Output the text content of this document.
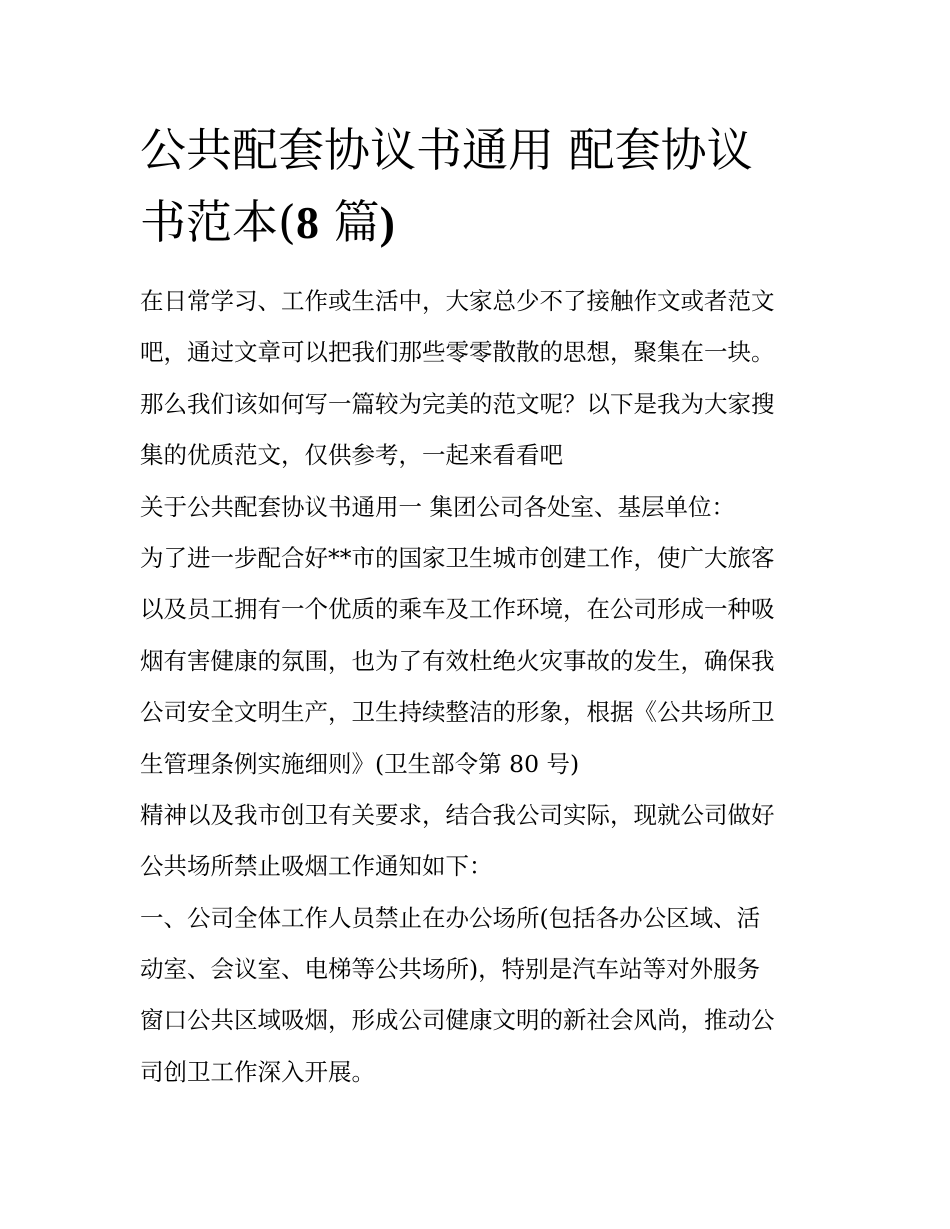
公共配套协议书通用 配套协议
书范本(8 篇)
在日常学习、工作或生活中，大家总少不了接触作文或者范文
吧，通过文章可以把我们那些零零散散的思想，聚集在一块。
那么我们该如何写一篇较为完美的范文呢？以下是我为大家搜
集的优质范文，仅供参考，一起来看看吧
关于公共配套协议书通用一 集团公司各处室、基层单位：
为了进一步配合好**市的国家卫生城市创建工作，使广大旅客
以及员工拥有一个优质的乘车及工作环境，在公司形成一种吸
烟有害健康的氛围，也为了有效杜绝火灾事故的发生，确保我
公司安全文明生产，卫生持续整洁的形象，根据《公共场所卫
生管理条例实施细则》(卫生部令第 80 号)
精神以及我市创卫有关要求，结合我公司实际，现就公司做好
公共场所禁止吸烟工作通知如下：
一、公司全体工作人员禁止在办公场所(包括各办公区域、活
动室、会议室、电梯等公共场所)，特别是汽车站等对外服务
窗口公共区域吸烟，形成公司健康文明的新社会风尚，推动公
司创卫工作深入开展。
